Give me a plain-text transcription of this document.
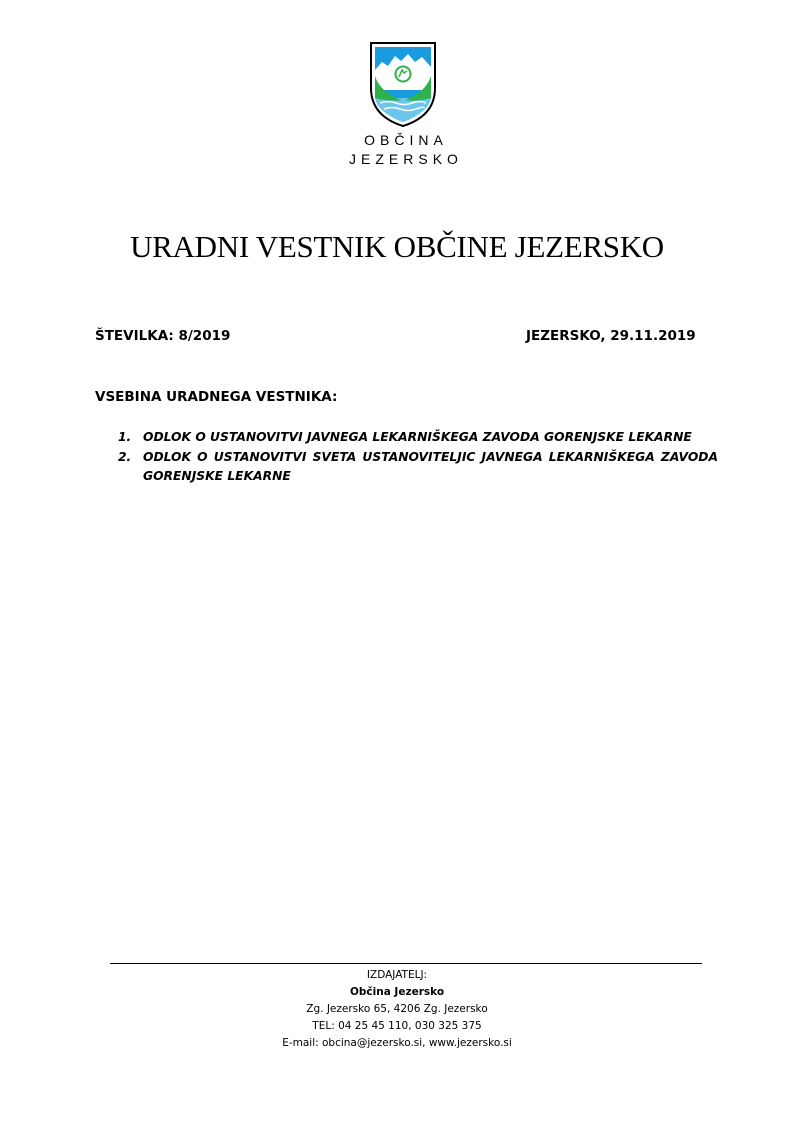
OBČINA
JEZERSKO
URADNI VESTNIK OBČINE JEZERSKO
ŠTEVILKA: 8/2019	JEZERSKO, 29.11.2019
VSEBINA URADNEGA VESTNIKA:
1. ODLOK O USTANOVITVI JAVNEGA LEKARNIŠKEGA ZAVODA GORENJSKE LEKARNE
2. ODLOK O USTANOVITVI SVETA USTANOVITELJIC JAVNEGA LEKARNIŠKEGA ZAVODA GORENJSKE LEKARNE
IZDAJATELJ:
Občina Jezersko
Zg. Jezersko 65, 4206 Zg. Jezersko
TEL: 04 25 45 110, 030 325 375
E-mail: obcina@jezersko.si, www.jezersko.si
